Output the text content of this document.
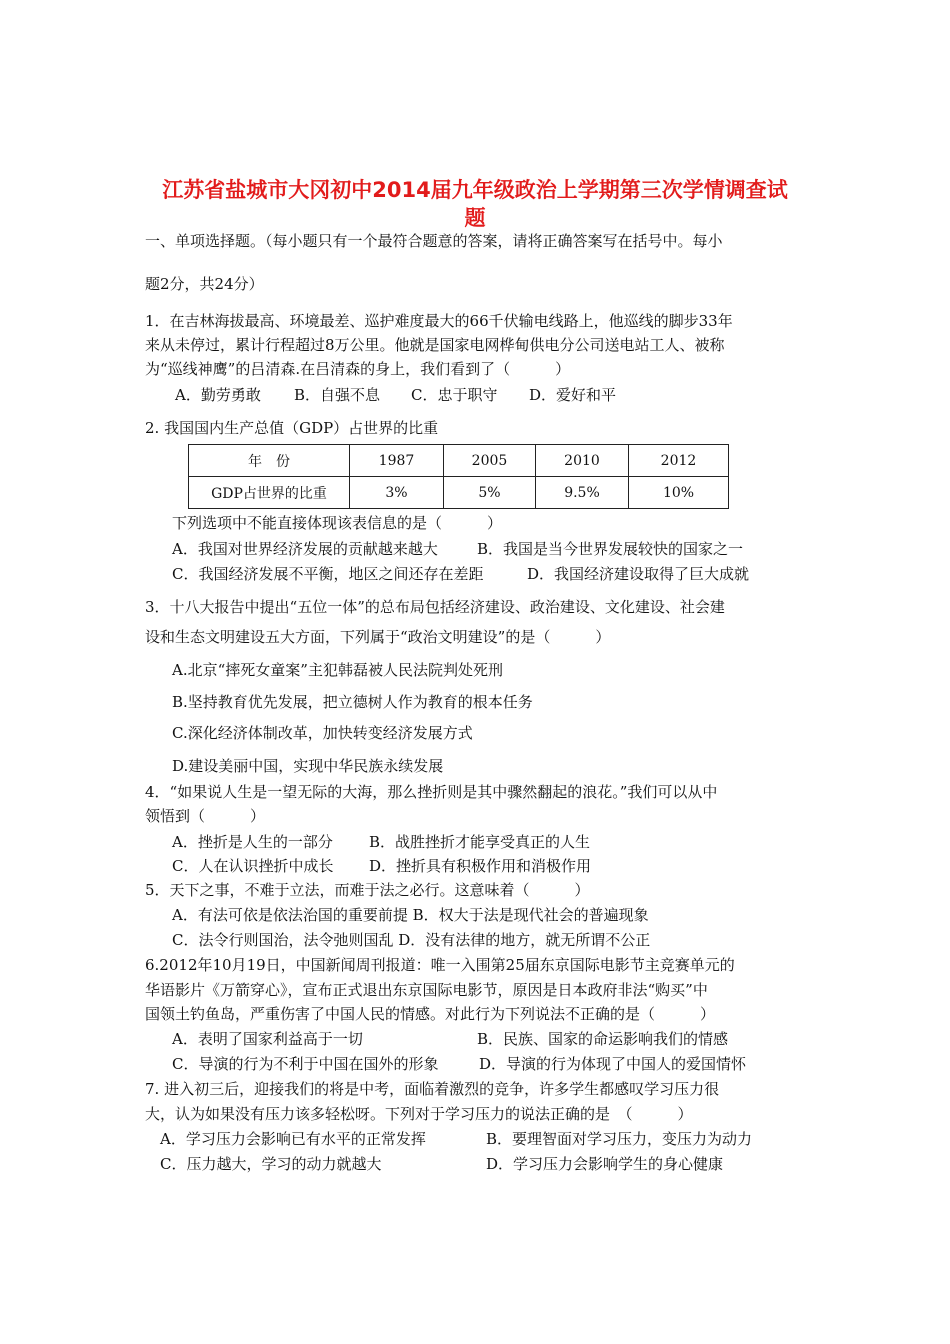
江苏省盐城市大冈初中2014届九年级政治上学期第三次学情调查试
题
一、单项选择题。（每小题只有一个最符合题意的答案，请将正确答案写在括号中。每小
题2分，共24分）
1．在吉林海拔最高、环境最差、巡护难度最大的66千伏输电线路上，他巡线的脚步33年
来从未停过，累计行程超过8万公里。他就是国家电网桦甸供电分公司送电站工人、被称
为“巡线神鹰”的吕清森.在吕清森的身上，我们看到了（　　　）
A．勤劳勇敢 B．自强不息 C．忠于职守 D．爱好和平
2. 我国国内生产总值（GDP）占世界的比重
年　份	1987	2005	2010	2012
GDP占世界的比重	3%	5%	9.5%	10%
下列选项中不能直接体现该表信息的是（　　　）
A．我国对世界经济发展的贡献越来越大	B．我国是当今世界发展较快的国家之一
C．我国经济发展不平衡，地区之间还存在差距	D．我国经济建设取得了巨大成就
3．十八大报告中提出“五位一体”的总布局包括经济建设、政治建设、文化建设、社会建
设和生态文明建设五大方面，下列属于“政治文明建设”的是（　　　）
A.北京“摔死女童案”主犯韩磊被人民法院判处死刑
B.坚持教育优先发展，把立德树人作为教育的根本任务
C.深化经济体制改革，加快转变经济发展方式
D.建设美丽中国，实现中华民族永续发展
4．“如果说人生是一望无际的大海，那么挫折则是其中骤然翻起的浪花。”我们可以从中
领悟到（　　　）
A．挫折是人生的一部分 B．战胜挫折才能享受真正的人生
C．人在认识挫折中成长 D．挫折具有积极作用和消极作用
5．天下之事，不难于立法，而难于法之必行。这意味着（　　　）
A．有法可依是依法治国的重要前提 B．权大于法是现代社会的普遍现象
C．法令行则国治，法令弛则国乱 D．没有法律的地方，就无所谓不公正
6.2012年10月19日，中国新闻周刊报道：唯一入围第25届东京国际电影节主竞赛单元的
华语影片《万箭穿心》，宣布正式退出东京国际电影节，原因是日本政府非法“购买”中
国领土钓鱼岛，严重伤害了中国人民的情感。对此行为下列说法不正确的是（　　　）
A．表明了国家利益高于一切	B．民族、国家的命运影响我们的情感
C．导演的行为不利于中国在国外的形象	D．导演的行为体现了中国人的爱国情怀
7. 进入初三后，迎接我们的将是中考，面临着激烈的竞争，许多学生都感叹学习压力很
大，认为如果没有压力该多轻松呀。下列对于学习压力的说法正确的是　（　　　）
A．学习压力会影响已有水平的正常发挥	B．要理智面对学习压力，变压力为动力
C．压力越大，学习的动力就越大	D．学习压力会影响学生的身心健康
